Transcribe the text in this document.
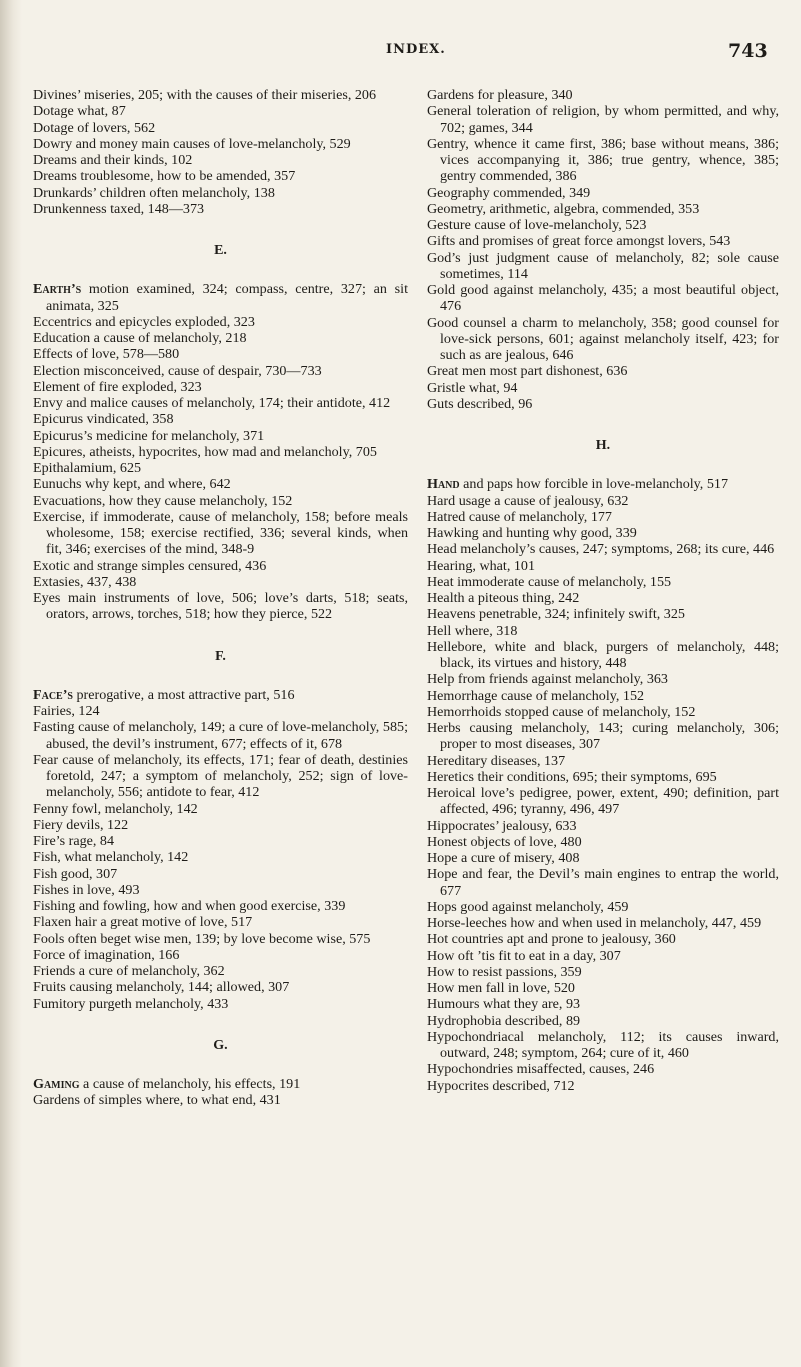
INDEX.	743
Divines’ miseries, 205; with the causes of their miseries, 206
Dotage what, 87
Dotage of lovers, 562
Dowry and money main causes of love-melancholy, 529
Dreams and their kinds, 102
Dreams troublesome, how to be amended, 357
Drunkards’ children often melancholy, 138
Drunkenness taxed, 148—373
E.
Earth’s motion examined, 324; compass, centre, 327; an sit animata, 325
Eccentrics and epicycles exploded, 323
Education a cause of melancholy, 218
Effects of love, 578—580
Election misconceived, cause of despair, 730—733
Element of fire exploded, 323
Envy and malice causes of melancholy, 174; their antidote, 412
Epicurus vindicated, 358
Epicurus’s medicine for melancholy, 371
Epicures, atheists, hypocrites, how mad and melancholy, 705
Epithalamium, 625
Eunuchs why kept, and where, 642
Evacuations, how they cause melancholy, 152
Exercise, if immoderate, cause of melancholy, 158; before meals wholesome, 158; exercise rectified, 336; several kinds, when fit, 346; exercises of the mind, 348-9
Exotic and strange simples censured, 436
Extasies, 437, 438
Eyes main instruments of love, 506; love’s darts, 518; seats, orators, arrows, torches, 518; how they pierce, 522
F.
Face’s prerogative, a most attractive part, 516
Fairies, 124
Fasting cause of melancholy, 149; a cure of love-melancholy, 585; abused, the devil’s instrument, 677; effects of it, 678
Fear cause of melancholy, its effects, 171; fear of death, destinies foretold, 247; a symptom of melancholy, 252; sign of love-melancholy, 556; antidote to fear, 412
Fenny fowl, melancholy, 142
Fiery devils, 122
Fire’s rage, 84
Fish, what melancholy, 142
Fish good, 307
Fishes in love, 493
Fishing and fowling, how and when good exercise, 339
Flaxen hair a great motive of love, 517
Fools often beget wise men, 139; by love become wise, 575
Force of imagination, 166
Friends a cure of melancholy, 362
Fruits causing melancholy, 144; allowed, 307
Fumitory purgeth melancholy, 433
G.
Gaming a cause of melancholy, his effects, 191
Gardens of simples where, to what end, 431
Gardens for pleasure, 340
General toleration of religion, by whom permitted, and why, 702; games, 344
Gentry, whence it came first, 386; base without means, 386; vices accompanying it, 386; true gentry, whence, 385; gentry commended, 386
Geography commended, 349
Geometry, arithmetic, algebra, commended, 353
Gesture cause of love-melancholy, 523
Gifts and promises of great force amongst lovers, 543
God’s just judgment cause of melancholy, 82; sole cause sometimes, 114
Gold good against melancholy, 435; a most beautiful object, 476
Good counsel a charm to melancholy, 358; good counsel for love-sick persons, 601; against melancholy itself, 423; for such as are jealous, 646
Great men most part dishonest, 636
Gristle what, 94
Guts described, 96
H.
Hand and paps how forcible in love-melancholy, 517
Hard usage a cause of jealousy, 632
Hatred cause of melancholy, 177
Hawking and hunting why good, 339
Head melancholy’s causes, 247; symptoms, 268; its cure, 446
Hearing, what, 101
Heat immoderate cause of melancholy, 155
Health a piteous thing, 242
Heavens penetrable, 324; infinitely swift, 325
Hell where, 318
Hellebore, white and black, purgers of melancholy, 448; black, its virtues and history, 448
Help from friends against melancholy, 363
Hemorrhage cause of melancholy, 152
Hemorrhoids stopped cause of melancholy, 152
Herbs causing melancholy, 143; curing melancholy, 306; proper to most diseases, 307
Hereditary diseases, 137
Heretics their conditions, 695; their symptoms, 695
Heroical love’s pedigree, power, extent, 490; definition, part affected, 496; tyranny, 496, 497
Hippocrates’ jealousy, 633
Honest objects of love, 480
Hope a cure of misery, 408
Hope and fear, the Devil’s main engines to entrap the world, 677
Hops good against melancholy, 459
Horse-leeches how and when used in melancholy, 447, 459
Hot countries apt and prone to jealousy, 360
How oft ’tis fit to eat in a day, 307
How to resist passions, 359
How men fall in love, 520
Humours what they are, 93
Hydrophobia described, 89
Hypochondriacal melancholy, 112; its causes inward, outward, 248; symptom, 264; cure of it, 460
Hypochondries misaffected, causes, 246
Hypocrites described, 712
